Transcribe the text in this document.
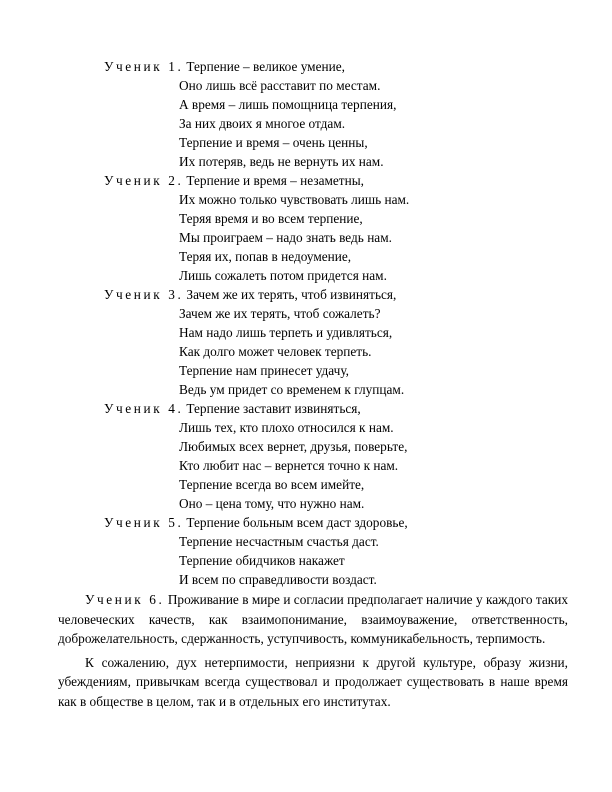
Ученик 1. Терпение – великое умение,
Оно лишь всё расставит по местам.
А время – лишь помощница терпения,
За них двоих я многое отдам.
Терпение и время – очень ценны,
Их потеряв, ведь не вернуть их нам.
Ученик 2. Терпение и время – незаметны,
Их можно только чувствовать лишь нам.
Теряя время и во всем терпение,
Мы проиграем – надо знать ведь нам.
Теряя их, попав в недоумение,
Лишь сожалеть потом придется нам.
Ученик 3. Зачем же их терять, чтоб извиняться,
Зачем же их терять, чтоб сожалеть?
Нам надо лишь терпеть и удивляться,
Как долго может человек терпеть.
Терпение нам принесет удачу,
Ведь ум придет со временем к глупцам.
Ученик 4. Терпение заставит извиняться,
Лишь тех, кто плохо относился к нам.
Любимых всех вернет, друзья, поверьте,
Кто любит нас – вернется точно к нам.
Терпение всегда во всем имейте,
Оно – цена тому, что нужно нам.
Ученик 5. Терпение больным всем даст здоровье,
Терпение несчастным счастья даст.
Терпение обидчиков накажет
И всем по справедливости воздаст.

Ученик 6. Проживание в мире и согласии предполагает наличие у каждого таких человеческих качеств, как взаимопонимание, взаимоуважение, ответственность, доброжелательность, сдержанность, уступчивость, коммуникабельность, терпимость.

К сожалению, дух нетерпимости, неприязни к другой культуре, образу жизни, убеждениям, привычкам всегда существовал и продолжает существовать в наше время как в обществе в целом, так и в отдельных его институтах.
